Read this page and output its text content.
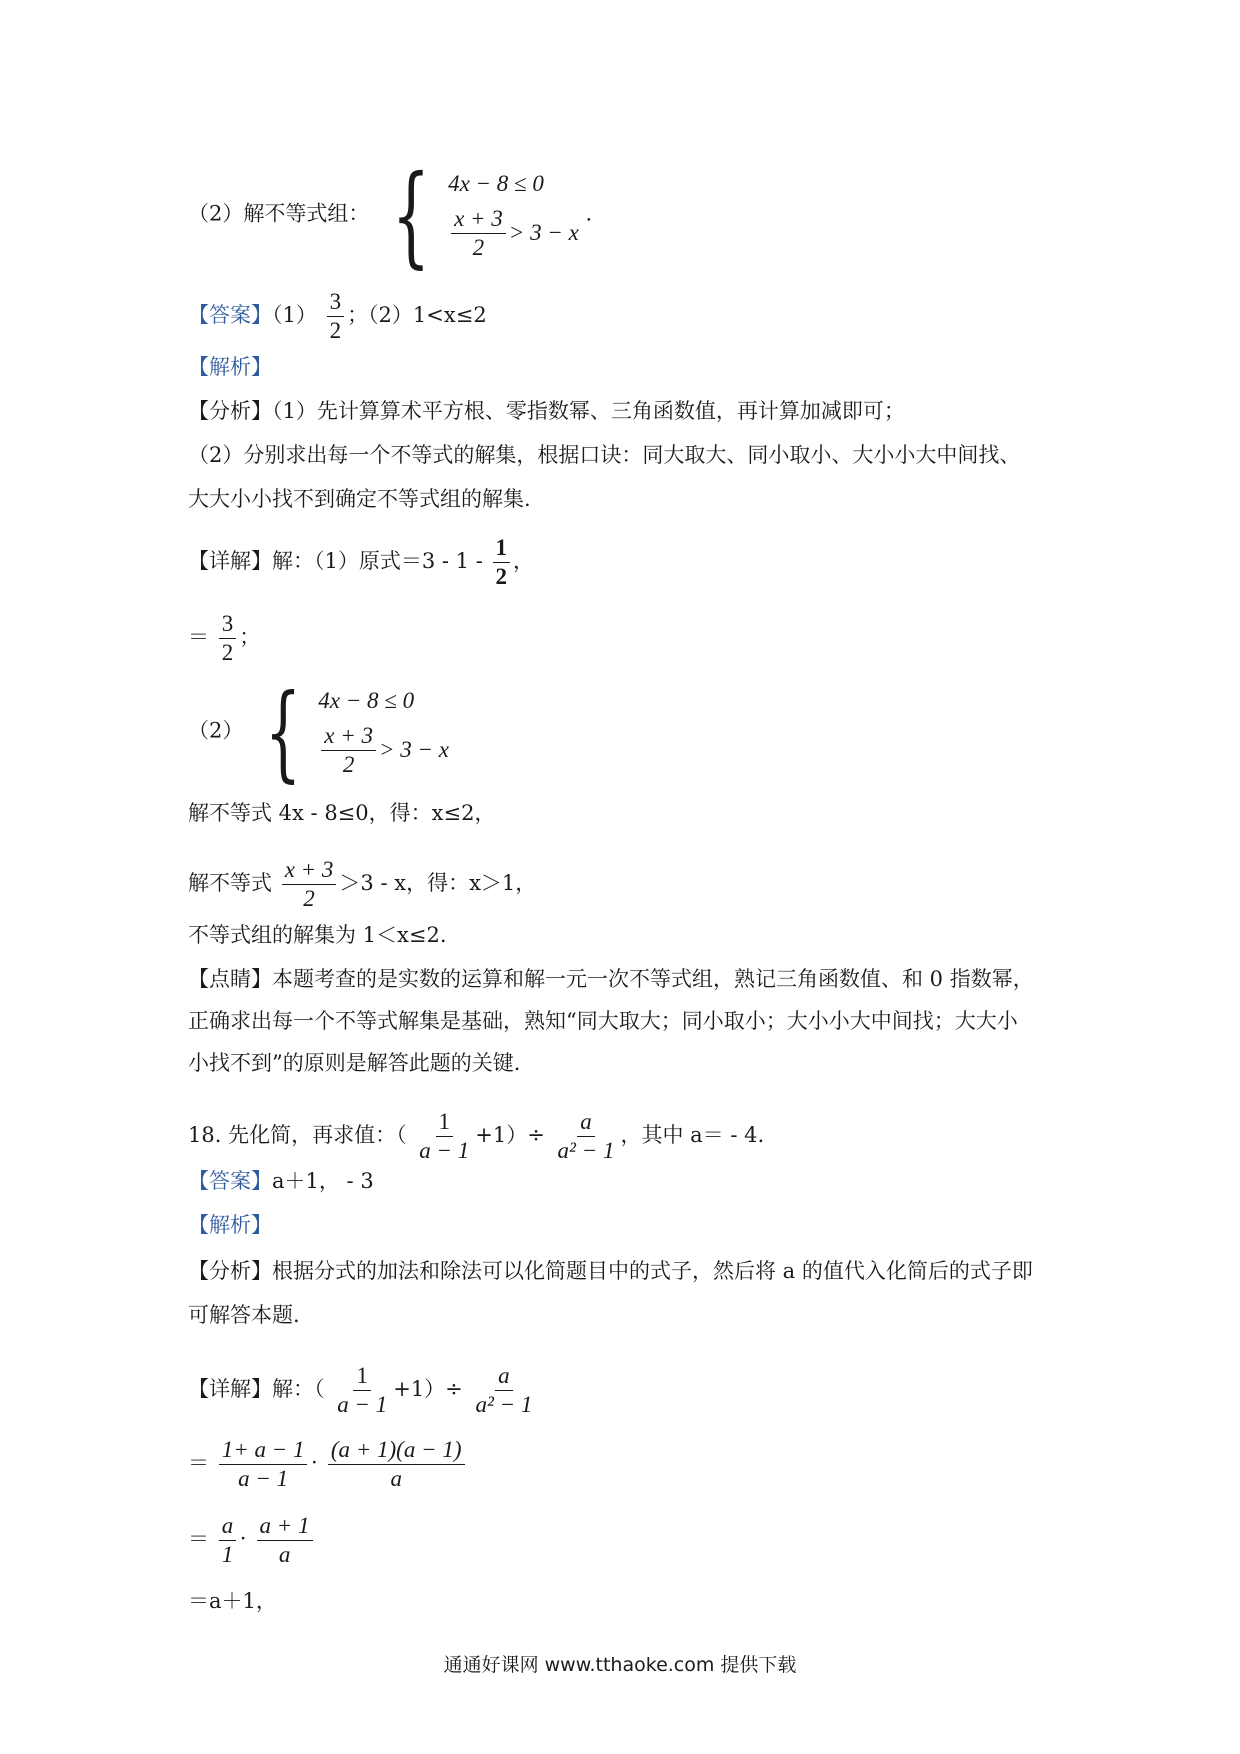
（2）解不等式组： { 4x − 8 ≤ 0
$\frac{x + 3}{2} > 3 - x$
.
【答案】$(1) \frac{3}{2}$ ；（2）1<x≤2
【解析】
【分析】（1）先计算算术平方根、零指数幂、三角函数值，再计算加减即可；
（2）分别求出每一个不等式的解集，根据口诀：同大取大、同小取小、大小小大中间找、
大大小小找不到确定不等式组的解集.
【详解】解：（1）原式$=3 - 1 - \frac{1}{2}$ ，
＝ $\frac{3}{2}$ ；
（2） { 4x − 8 ≤ 0
$\frac{x + 3}{2} > 3 - x$
解不等式 4x - 8≤0，得：x≤2，
解不等式 $\frac{x + 3}{2} >3 - x$，得：x＞1，
不等式组的解集为 1＜x≤2.
【点睛】本题考查的是实数的运算和解一元一次不等式组，熟记三角函数值、和 0 指数幂，
正确求出每一个不等式解集是基础，熟知“同大取大；同小取小；大小小大中间找；大大小
小找不到”的原则是解答此题的关键.
18. 先化简，再求值：（ $\frac{1}{a - 1} +1)\div \frac{a}{\text{a² − 1}}$ ，其中 a＝ - 4.
【答案】a＋1， - 3
【解析】
【分析】根据分式的加法和除法可以化简题目中的式子，然后将 a 的值代入化简后的式子即
可解答本题.
【详解】解：（ $\frac{1}{a - 1} +1)\div \frac{a}{\text{a² − 1}}$
＝ $\frac{1+ a - 1}{a - 1} \cdot \frac{(a + 1)(a - 1)}{a}$
＝ $\frac{a}{1} \cdot \frac{a + 1}{a}$
＝a＋1，
通通好课网 www.tthaoke.com 提供下载
